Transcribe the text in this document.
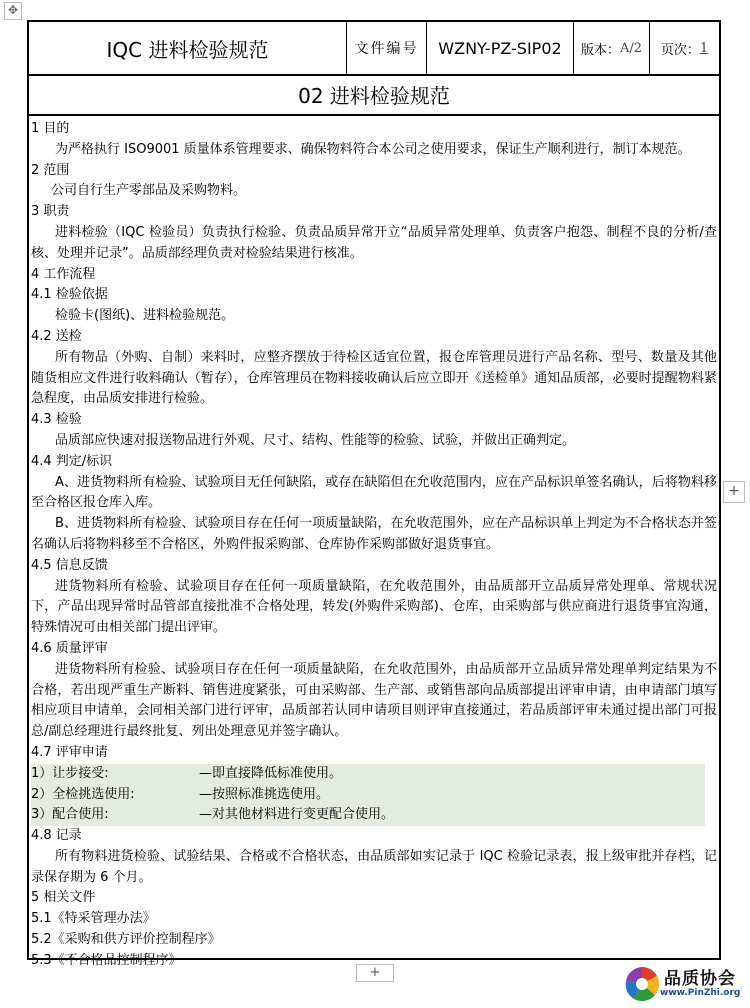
✥
IQC 进料检验规范	文件编号	WZNY-PZ-SIP02	版本： A/2 页次： 1
02 进料检验规范

1 目的

为严格执行 ISO9001 质量体系管理要求、确保物料符合本公司之使用要求，保证生产顺利进行，制订本规范。

2 范围

公司自行生产零部品及采购物料。

3 职责

进料检验（IQC 检验员）负责执行检验、负责品质异常开立“品质异常处理单、负责客户抱怨、制程不良的分析/查核、处理并记录”。品质部经理负责对检验结果进行核准。

4 工作流程

4.1 检验依据

检验卡(图纸)、进料检验规范。

4.2 送检

所有物品（外购、自制）来料时，应整齐摆放于待检区适宜位置，报仓库管理员进行产品名称、型号、数量及其他随货相应文件进行收料确认（暂存），仓库管理员在物料接收确认后应立即开《送检单》通知品质部，必要时提醒物料紧急程度，由品质安排进行检验。

4.3 检验

品质部应快速对报送物品进行外观、尺寸、结构、性能等的检验、试验，并做出正确判定。

4.4 判定/标识

A、进货物料所有检验、试验项目无任何缺陷，或存在缺陷但在允收范围内，应在产品标识单签名确认，后将物料移至合格区报仓库入库。

B、进货物料所有检验、试验项目存在任何一项质量缺陷，在允收范围外，应在产品标识单上判定为不合格状态并签名确认后将物料移至不合格区，外购件报采购部、仓库协作采购部做好退货事宜。

4.5 信息反馈

进货物料所有检验、试验项目存在任何一项质量缺陷，在允收范围外，由品质部开立品质异常处理单、常规状况下，产品出现异常时品管部直接批准不合格处理，转发(外购件采购部)、仓库，由采购部与供应商进行退货事宜沟通，特殊情况可由相关部门提出评审。

4.6 质量评审

进货物料所有检验、试验项目存在任何一项质量缺陷，在允收范围外，由品质部开立品质异常处理单判定结果为不合格，若出现严重生产断料、销售进度紧张，可由采购部、生产部、或销售部向品质部提出评审申请，由申请部门填写相应项目申请单，会同相关部门进行评审，品质部若认同申请项目则评审直接通过，若品质部评审未通过提出部门可报总/副总经理进行最终批复、列出处理意见并签字确认。

4.7 评审申请

1）让步接受:	—即直接降低标准使用。

2）全检挑选使用:	—按照标准挑选使用。

3）配合使用:	—对其他材料进行变更配合使用。

4.8 记录

所有物料进货检验、试验结果、合格或不合格状态，由品质部如实记录于 IQC 检验记录表，报上级审批并存档，记录保存期为 6 个月。

5 相关文件

5.1《特采管理办法》

5.2《采购和供方评价控制程序》

5.3《不合格品控制程序》

+
+	品质协会
www.PinZhi.org
